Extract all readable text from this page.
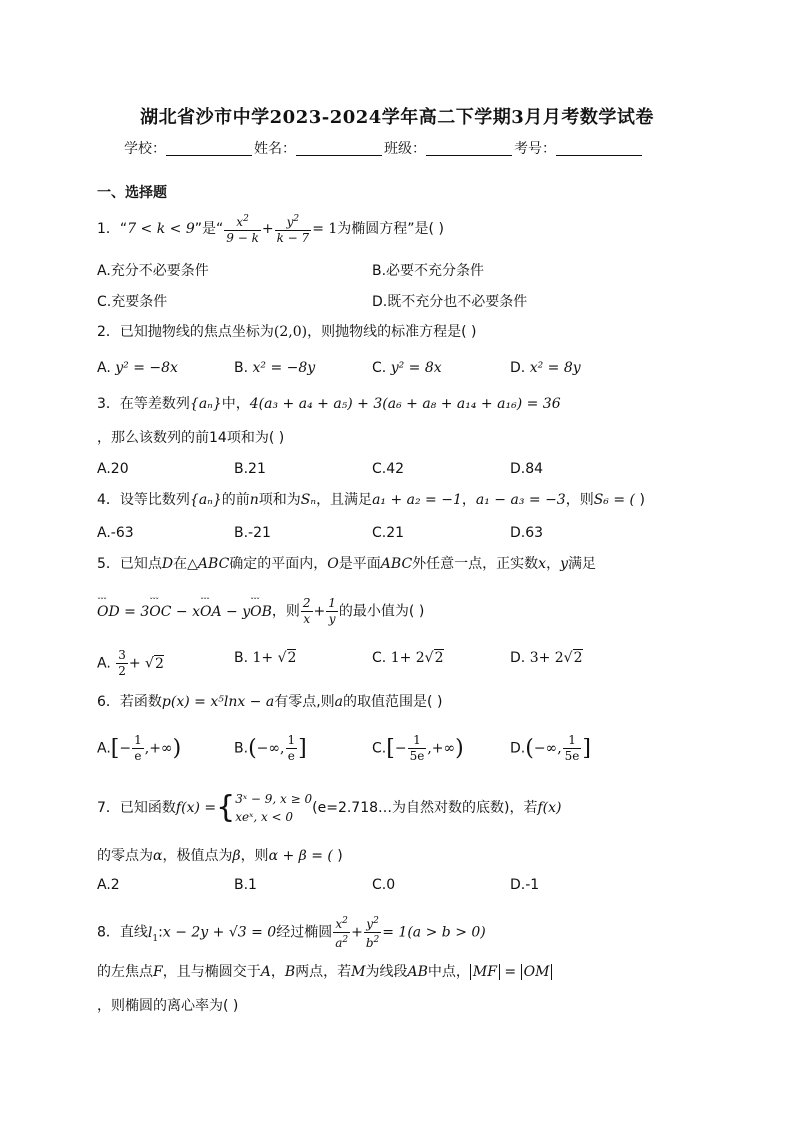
湖北省沙市中学2023-2024学年高二下学期3月月考数学试卷
学校：	姓名：	班级：	考号：
一、选择题
1．“7 < k < 9”是“ $\frac{x^2}{9 - k} + \frac{y^2}{k - 7} = 1$为椭圆方程”是( )
A.充分不必要条件	B.必要不充分条件
C.充要条件	D.既不充分也不必要条件
2．已知抛物线的焦点坐标为(2,0)，则抛物线的标准方程是( )
A. y² = −8x	B. x² = −8y	C. y² = 8x	D. x² = 8y
3．在等差数列{aₙ}中，4(a₃ + a₄ + a₅) + 3(a₆ + a₈ + a₁₄ + a₁₆) = 36
，那么该数列的前14项和为( )
A.20	B.21	C.42	D.84
4．设等比数列{aₙ}的前n项和为Sₙ，且满足a₁ + a₂ = −1，a₁ − a₃ = −3，则S₆ = ( )
A.-63	B.-21	C.21	D.63
5．已知点D在△ABC确定的平面内，O是平面ABC外任意一点，正实数x，y满足
ˇˇˇ OD = 3ˇˇˇ OC − xˇˇˇ OA − yˇˇˇ OB，则 $\frac{2}{x} + \frac{1}{y}$ 的最小值为( )
A. $\frac{3}{2} + √2$	B. 1+ √2	C. 1+ 2√2	D. 3+ 2√2
6．若函数p(x) = x⁵lnx − a有零点,则a的取值范围是( )
$A.[- \frac{1}{e}$ ,+∞)	B.(−∞, $\frac{1}{e}$ ]	$C.[- \frac{1}{5e}$ ,+∞)	D.(−∞, $\frac{1}{5e}$ ]
7．已知函数f(x) ={ 3ˣ − 9, x ≥ 0
xeˣ, x < 0
(e=2.718…为自然对数的底数)，若f(x)
的零点为α，极值点为β，则α + β = ( )
A.2	B.1	C.0	D.-1
8．直线$l_1:x - 2y + √3 = 0$经过椭圆 $\frac{x^2}{a^2} + \frac{y^2}{b^2} = 1(a > b > 0)$
的左焦点F，且与椭圆交于A，B两点，若M为线段AB中点， MF = OM
，则椭圆的离心率为( )
